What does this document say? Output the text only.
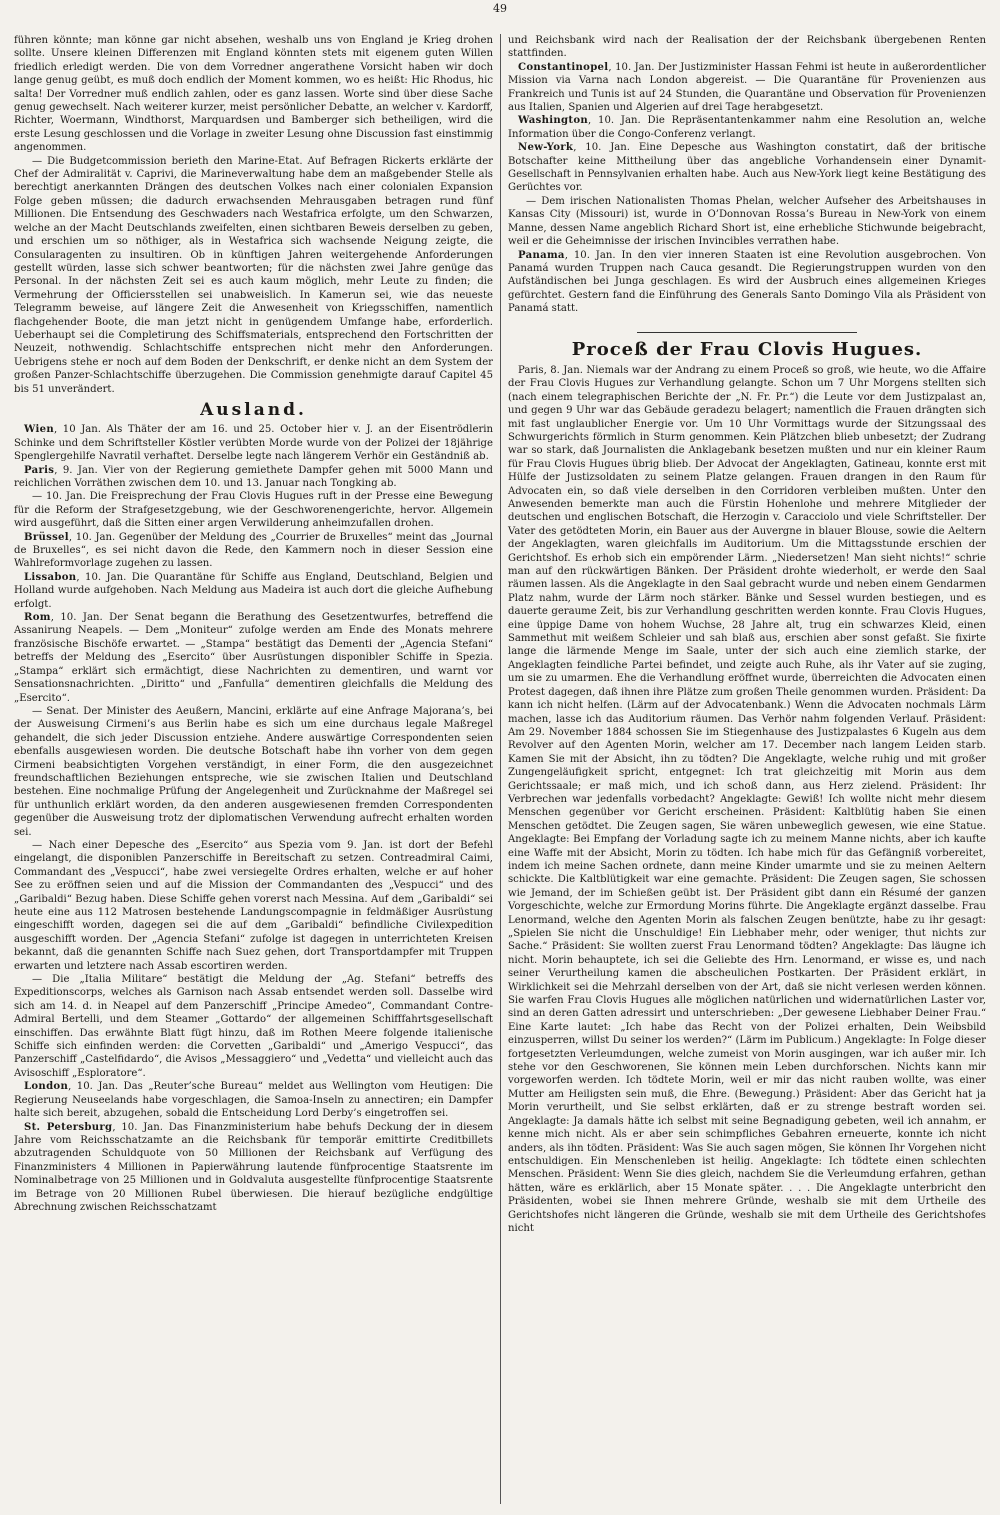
49

führen könnte; man könne gar nicht absehen, weshalb uns von England je Krieg drohen sollte. Unsere kleinen Differenzen mit England könnten stets mit eigenem guten Willen friedlich erledigt werden. Die von dem Vorredner angerathene Vorsicht haben wir doch lange genug geübt, es muß doch endlich der Moment kommen, wo es heißt: Hic Rhodus, hic salta! Der Vorredner muß endlich zahlen, oder es ganz lassen. Worte sind über diese Sache genug gewechselt. Nach weiterer kurzer, meist persönlicher Debatte, an welcher v. Kardorff, Richter, Woermann, Windthorst, Marquardsen und Bamberger sich betheiligen, wird die erste Lesung geschlossen und die Vorlage in zweiter Lesung ohne Discussion fast einstimmig angenommen.

— Die Budgetcommission berieth den Marine-Etat. Auf Befragen Rickerts erklärte der Chef der Admiralität v. Caprivi, die Marineverwaltung habe dem an maßgebender Stelle als berechtigt anerkannten Drängen des deutschen Volkes nach einer colonialen Expansion Folge geben müssen; die dadurch erwachsenden Mehrausgaben betragen rund fünf Millionen. Die Entsendung des Geschwaders nach Westafrica erfolgte, um den Schwarzen, welche an der Macht Deutschlands zweifelten, einen sichtbaren Beweis derselben zu geben, und erschien um so nöthiger, als in Westafrica sich wachsende Neigung zeigte, die Consularagenten zu insultiren. Ob in künftigen Jahren weitergehende Anforderungen gestellt würden, lasse sich schwer beantworten; für die nächsten zwei Jahre genüge das Personal. In der nächsten Zeit sei es auch kaum möglich, mehr Leute zu finden; die Vermehrung der Officiersstellen sei unabweislich. In Kamerun sei, wie das neueste Telegramm beweise, auf längere Zeit die Anwesenheit von Kriegsschiffen, namentlich flachgehender Boote, die man jetzt nicht in genügendem Umfange habe, erforderlich. Ueberhaupt sei die Completirung des Schiffsmaterials, entsprechend den Fortschritten der Neuzeit, nothwendig. Schlachtschiffe entsprechen nicht mehr den Anforderungen. Uebrigens stehe er noch auf dem Boden der Denkschrift, er denke nicht an dem System der großen Panzer-Schlachtschiffe überzugehen. Die Commission genehmigte darauf Capitel 45 bis 51 unverändert.

Ausland.

Wien, 10 Jan. Als Thäter der am 16. und 25. October hier v. J. an der Eisentrödlerin Schinke und dem Schriftsteller Köstler verübten Morde wurde von der Polizei der 18jährige Spenglergehilfe Navratil verhaftet. Derselbe legte nach längerem Verhör ein Geständniß ab.

Paris, 9. Jan. Vier von der Regierung gemiethete Dampfer gehen mit 5000 Mann und reichlichen Vorräthen zwischen dem 10. und 13. Januar nach Tongking ab.

— 10. Jan. Die Freisprechung der Frau Clovis Hugues ruft in der Presse eine Bewegung für die Reform der Strafgesetzgebung, wie der Geschworenengerichte, hervor. Allgemein wird ausgeführt, daß die Sitten einer argen Verwilderung anheimzufallen drohen.

Brüssel, 10. Jan. Gegenüber der Meldung des „Courrier de Bruxelles“ meint das „Journal de Bruxelles“, es sei nicht davon die Rede, den Kammern noch in dieser Session eine Wahlreformvorlage zugehen zu lassen.

Lissabon, 10. Jan. Die Quarantäne für Schiffe aus England, Deutschland, Belgien und Holland wurde aufgehoben. Nach Meldung aus Madeira ist auch dort die gleiche Aufhebung erfolgt.

Rom, 10. Jan. Der Senat begann die Berathung des Gesetzentwurfes, betreffend die Assanirung Neapels. — Dem „Moniteur“ zufolge werden am Ende des Monats mehrere französische Bischöfe erwartet. — „Stampa“ bestätigt das Dementi der „Agencia Stefani“ betreffs der Meldung des „Esercito“ über Ausrüstungen disponibler Schiffe in Spezia. „Stampa“ erklärt sich ermächtigt, diese Nachrichten zu dementiren, und warnt vor Sensationsnachrichten. „Diritto“ und „Fanfulla“ dementiren gleichfalls die Meldung des „Esercito“.

— Senat. Der Minister des Aeußern, Mancini, erklärte auf eine Anfrage Majorana’s, bei der Ausweisung Cirmeni’s aus Berlin habe es sich um eine durchaus legale Maßregel gehandelt, die sich jeder Discussion entziehe. Andere auswärtige Correspondenten seien ebenfalls ausgewiesen worden. Die deutsche Botschaft habe ihn vorher von dem gegen Cirmeni beabsichtigten Vorgehen verständigt, in einer Form, die den ausgezeichnet freundschaftlichen Beziehungen entspreche, wie sie zwischen Italien und Deutschland bestehen. Eine nochmalige Prüfung der Angelegenheit und Zurücknahme der Maßregel sei für unthunlich erklärt worden, da den anderen ausgewiesenen fremden Correspondenten gegenüber die Ausweisung trotz der diplomatischen Verwendung aufrecht erhalten worden sei.

— Nach einer Depesche des „Esercito“ aus Spezia vom 9. Jan. ist dort der Befehl eingelangt, die disponiblen Panzerschiffe in Bereitschaft zu setzen. Contreadmiral Caimi, Commandant des „Vespucci“, habe zwei versiegelte Ordres erhalten, welche er auf hoher See zu eröffnen seien und auf die Mission der Commandanten des „Vespucci“ und des „Garibaldi“ Bezug haben. Diese Schiffe gehen vorerst nach Messina. Auf dem „Garibaldi“ sei heute eine aus 112 Matrosen bestehende Landungscompagnie in feldmäßiger Ausrüstung eingeschifft worden, dagegen sei die auf dem „Garibaldi“ befindliche Civilexpedition ausgeschifft worden. Der „Agencia Stefani“ zufolge ist dagegen in unterrichteten Kreisen bekannt, daß die genannten Schiffe nach Suez gehen, dort Transportdampfer mit Truppen erwarten und letztere nach Assab escortiren werden.

— Die „Italia Militare“ bestätigt die Meldung der „Ag. Stefani“ betreffs des Expeditionscorps, welches als Garnison nach Assab entsendet werden soll. Dasselbe wird sich am 14. d. in Neapel auf dem Panzerschiff „Principe Amedeo“, Commandant Contre-Admiral Bertelli, und dem Steamer „Gottardo“ der allgemeinen Schifffahrtsgesellschaft einschiffen. Das erwähnte Blatt fügt hinzu, daß im Rothen Meere folgende italienische Schiffe sich einfinden werden: die Corvetten „Garibaldi“ und „Amerigo Vespucci“, das Panzerschiff „Castelfidardo“, die Avisos „Messaggiero“ und „Vedetta“ und vielleicht auch das Avisoschiff „Esploratore“.

London, 10. Jan. Das „Reuter’sche Bureau“ meldet aus Wellington vom Heutigen: Die Regierung Neuseelands habe vorgeschlagen, die Samoa-Inseln zu annectiren; ein Dampfer halte sich bereit, abzugehen, sobald die Entscheidung Lord Derby’s eingetroffen sei.

St. Petersburg, 10. Jan. Das Finanzministerium habe behufs Deckung der in diesem Jahre vom Reichsschatzamte an die Reichsbank für temporär emittirte Creditbillets abzutragenden Schuldquote von 50 Millionen der Reichsbank auf Verfügung des Finanzministers 4 Millionen in Papierwährung lautende fünfprocentige Staatsrente im Nominalbetrage von 25 Millionen und in Goldvaluta ausgestellte fünfprocentige Staatsrente im Betrage von 20 Millionen Rubel überwiesen. Die hierauf bezügliche endgültige Abrechnung zwischen Reichsschatzamt

und Reichsbank wird nach der Realisation der der Reichsbank übergebenen Renten stattfinden.

Constantinopel, 10. Jan. Der Justizminister Hassan Fehmi ist heute in außerordentlicher Mission via Varna nach London abgereist. — Die Quarantäne für Provenienzen aus Frankreich und Tunis ist auf 24 Stunden, die Quarantäne und Observation für Provenienzen aus Italien, Spanien und Algerien auf drei Tage herabgesetzt.

Washington, 10. Jan. Die Repräsentantenkammer nahm eine Resolution an, welche Information über die Congo-Conferenz verlangt.

New-York, 10. Jan. Eine Depesche aus Washington constatirt, daß der britische Botschafter keine Mittheilung über das angebliche Vorhandensein einer Dynamit-Gesellschaft in Pennsylvanien erhalten habe. Auch aus New-York liegt keine Bestätigung des Gerüchtes vor.

— Dem irischen Nationalisten Thomas Phelan, welcher Aufseher des Arbeitshauses in Kansas City (Missouri) ist, wurde in O’Donnovan Rossa’s Bureau in New-York von einem Manne, dessen Name angeblich Richard Short ist, eine erhebliche Stichwunde beigebracht, weil er die Geheimnisse der irischen Invincibles verrathen habe.

Panama, 10. Jan. In den vier inneren Staaten ist eine Revolution ausgebrochen. Von Panamá wurden Truppen nach Cauca gesandt. Die Regierungstruppen wurden von den Aufständischen bei Junga geschlagen. Es wird der Ausbruch eines allgemeinen Krieges gefürchtet. Gestern fand die Einführung des Generals Santo Domingo Vila als Präsident von Panamá statt.

Proceß der Frau Clovis Hugues.

Paris, 8. Jan. Niemals war der Andrang zu einem Proceß so groß, wie heute, wo die Affaire der Frau Clovis Hugues zur Verhandlung gelangte. Schon um 7 Uhr Morgens stellten sich (nach einem telegraphischen Berichte der „N. Fr. Pr.“) die Leute vor dem Justizpalast an, und gegen 9 Uhr war das Gebäude geradezu belagert; namentlich die Frauen drängten sich mit fast unglaublicher Energie vor. Um 10 Uhr Vormittags wurde der Sitzungssaal des Schwurgerichts förmlich in Sturm genommen. Kein Plätzchen blieb unbesetzt; der Zudrang war so stark, daß Journalisten die Anklagebank besetzen mußten und nur ein kleiner Raum für Frau Clovis Hugues übrig blieb. Der Advocat der Angeklagten, Gatineau, konnte erst mit Hülfe der Justizsoldaten zu seinem Platze gelangen. Frauen drangen in den Raum für Advocaten ein, so daß viele derselben in den Corridoren verbleiben mußten. Unter den Anwesenden bemerkte man auch die Fürstin Hohenlohe und mehrere Mitglieder der deutschen und englischen Botschaft, die Herzogin v. Caracciolo und viele Schriftsteller. Der Vater des getödteten Morin, ein Bauer aus der Auvergne in blauer Blouse, sowie die Aeltern der Angeklagten, waren gleichfalls im Auditorium. Um die Mittagsstunde erschien der Gerichtshof. Es erhob sich ein empörender Lärm. „Niedersetzen! Man sieht nichts!“ schrie man auf den rückwärtigen Bänken. Der Präsident drohte wiederholt, er werde den Saal räumen lassen. Als die Angeklagte in den Saal gebracht wurde und neben einem Gendarmen Platz nahm, wurde der Lärm noch stärker. Bänke und Sessel wurden bestiegen, und es dauerte geraume Zeit, bis zur Verhandlung geschritten werden konnte. Frau Clovis Hugues, eine üppige Dame von hohem Wuchse, 28 Jahre alt, trug ein schwarzes Kleid, einen Sammethut mit weißem Schleier und sah blaß aus, erschien aber sonst gefaßt. Sie fixirte lange die lärmende Menge im Saale, unter der sich auch eine ziemlich starke, der Angeklagten feindliche Partei befindet, und zeigte auch Ruhe, als ihr Vater auf sie zuging, um sie zu umarmen. Ehe die Verhandlung eröffnet wurde, überreichten die Advocaten einen Protest dagegen, daß ihnen ihre Plätze zum großen Theile genommen wurden. Präsident: Da kann ich nicht helfen. (Lärm auf der Advocatenbank.) Wenn die Advocaten nochmals Lärm machen, lasse ich das Auditorium räumen. Das Verhör nahm folgenden Verlauf. Präsident: Am 29. November 1884 schossen Sie im Stiegenhause des Justizpalastes 6 Kugeln aus dem Revolver auf den Agenten Morin, welcher am 17. December nach langem Leiden starb. Kamen Sie mit der Absicht, ihn zu tödten? Die Angeklagte, welche ruhig und mit großer Zungengeläufigkeit spricht, entgegnet: Ich trat gleichzeitig mit Morin aus dem Gerichtssaale; er maß mich, und ich schoß dann, aus Herz zielend. Präsident: Ihr Verbrechen war jedenfalls vorbedacht? Angeklagte: Gewiß! Ich wollte nicht mehr diesem Menschen gegenüber vor Gericht erscheinen. Präsident: Kaltblütig haben Sie einen Menschen getödtet. Die Zeugen sagen, Sie wären unbeweglich gewesen, wie eine Statue. Angeklagte: Bei Empfang der Vorladung sagte ich zu meinem Manne nichts, aber ich kaufte eine Waffe mit der Absicht, Morin zu tödten. Ich habe mich für das Gefängniß vorbereitet, indem ich meine Sachen ordnete, dann meine Kinder umarmte und sie zu meinen Aeltern schickte. Die Kaltblütigkeit war eine gemachte. Präsident: Die Zeugen sagen, Sie schossen wie Jemand, der im Schießen geübt ist. Der Präsident gibt dann ein Résumé der ganzen Vorgeschichte, welche zur Ermordung Morins führte. Die Angeklagte ergänzt dasselbe. Frau Lenormand, welche den Agenten Morin als falschen Zeugen benützte, habe zu ihr gesagt: „Spielen Sie nicht die Unschuldige! Ein Liebhaber mehr, oder weniger, thut nichts zur Sache.“ Präsident: Sie wollten zuerst Frau Lenormand tödten? Angeklagte: Das läugne ich nicht. Morin behauptete, ich sei die Geliebte des Hrn. Lenormand, er wisse es, und nach seiner Verurtheilung kamen die abscheulichen Postkarten. Der Präsident erklärt, in Wirklichkeit sei die Mehrzahl derselben von der Art, daß sie nicht verlesen werden können. Sie warfen Frau Clovis Hugues alle möglichen natürlichen und widernatürlichen Laster vor, sind an deren Gatten adressirt und unterschrieben: „Der gewesene Liebhaber Deiner Frau.“ Eine Karte lautet: „Ich habe das Recht von der Polizei erhalten, Dein Weibsbild einzusperren, willst Du seiner los werden?“ (Lärm im Publicum.) Angeklagte: In Folge dieser fortgesetzten Verleumdungen, welche zumeist von Morin ausgingen, war ich außer mir. Ich stehe vor den Geschworenen, Sie können mein Leben durchforschen. Nichts kann mir vorgeworfen werden. Ich tödtete Morin, weil er mir das nicht rauben wollte, was einer Mutter am Heiligsten sein muß, die Ehre. (Bewegung.) Präsident: Aber das Gericht hat ja Morin verurtheilt, und Sie selbst erklärten, daß er zu strenge bestraft worden sei. Angeklagte: Ja damals hätte ich selbst mit seine Begnadigung gebeten, weil ich annahm, er kenne mich nicht. Als er aber sein schimpfliches Gebahren erneuerte, konnte ich nicht anders, als ihn tödten. Präsident: Was Sie auch sagen mögen, Sie können Ihr Vorgehen nicht entschuldigen. Ein Menschenleben ist heilig. Angeklagte: Ich tödtete einen schlechten Menschen. Präsident: Wenn Sie dies gleich, nachdem Sie die Verleumdung erfahren, gethan hätten, wäre es erklärlich, aber 15 Monate später. . . . Die Angeklagte unterbricht den Präsidenten, wobei sie Ihnen mehrere Gründe, weshalb sie mit dem Urtheile des Gerichtshofes nicht längeren die Gründe, weshalb sie mit dem Urtheile des Gerichtshofes nicht
